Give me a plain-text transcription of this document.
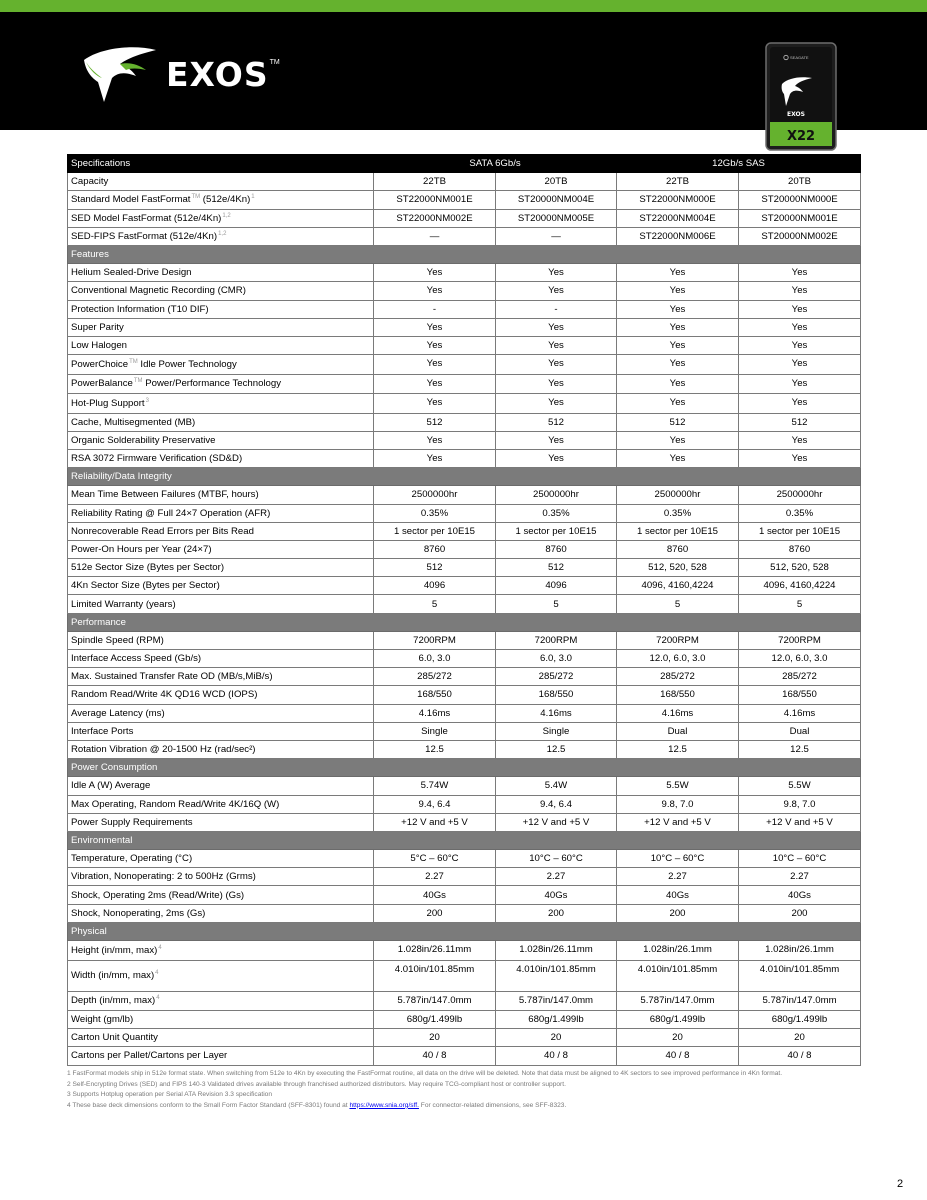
EXOS TM
SEAGATE
EXOS
X22
Specifications	SATA 6Gb/s		12Gb/s SAS	
Capacity	22TB	20TB	22TB	20TB
Standard Model FastFormat™ (512e/4Kn)$^1$	ST22000NM001E	ST20000NM004E	ST22000NM000E	ST20000NM000E
SED Model FastFormat (512e/4Kn)$^{1,2}$	ST22000NM002E	ST20000NM005E	ST22000NM004E	ST20000NM001E
SED-FIPS FastFormat (512e/4Kn)$^{1,2}$	—	—	ST22000NM006E	ST20000NM002E
Features				
Helium Sealed-Drive Design	Yes	Yes	Yes	Yes
Conventional Magnetic Recording (CMR)	Yes	Yes	Yes	Yes
Protection Information (T10 DIF)	-	-	Yes	Yes
Super Parity	Yes	Yes	Yes	Yes
Low Halogen	Yes	Yes	Yes	Yes
PowerChoice™ Idle Power Technology	Yes	Yes	Yes	Yes
PowerBalance™ Power/Performance Technology	Yes	Yes	Yes	Yes
Hot-Plug Support$^3$	Yes	Yes	Yes	Yes
Cache, Multisegmented (MB)	512	512	512	512
Organic Solderability Preservative	Yes	Yes	Yes	Yes
RSA 3072 Firmware Verification (SD&D)	Yes	Yes	Yes	Yes
Reliability/Data Integrity				
Mean Time Between Failures (MTBF, hours)	2500000hr	2500000hr	2500000hr	2500000hr
Reliability Rating @ Full 24×7 Operation (AFR)	0.35%	0.35%	0.35%	0.35%
Nonrecoverable Read Errors per Bits Read	1 sector per 10E15	1 sector per 10E15	1 sector per 10E15	1 sector per 10E15
Power-On Hours per Year (24×7)	8760	8760	8760	8760
512e Sector Size (Bytes per Sector)	512	512	512, 520, 528	512, 520, 528
4Kn Sector Size (Bytes per Sector)	4096	4096	4096, 4160,4224	4096, 4160,4224
Limited Warranty (years)	5	5	5	5
Performance				
Spindle Speed (RPM)	7200RPM	7200RPM	7200RPM	7200RPM
Interface Access Speed (Gb/s)	6.0, 3.0	6.0, 3.0	12.0, 6.0, 3.0	12.0, 6.0, 3.0
Max. Sustained Transfer Rate OD (MB/s,MiB/s)	285/272	285/272	285/272	285/272
Random Read/Write 4K QD16 WCD (IOPS)	168/550	168/550	168/550	168/550
Average Latency (ms)	4.16ms	4.16ms	4.16ms	4.16ms
Interface Ports	Single	Single	Dual	Dual
Rotation Vibration @ 20-1500 Hz (rad/sec²)	12.5	12.5	12.5	12.5
Power Consumption				
Idle A (W) Average	5.74W	5.4W	5.5W	5.5W
Max Operating, Random Read/Write 4K/16Q (W)	9.4, 6.4	9.4, 6.4	9.8, 7.0	9.8, 7.0
Power Supply Requirements	+12 V and +5 V	+12 V and +5 V	+12 V and +5 V	+12 V and +5 V
Environmental				
Temperature, Operating (°C)	5°C – 60°C	10°C – 60°C	10°C – 60°C	10°C – 60°C
Vibration, Nonoperating: 2 to 500Hz (Grms)	2.27	2.27	2.27	2.27
Shock, Operating 2ms (Read/Write) (Gs)	40Gs	40Gs	40Gs	40Gs
Shock, Nonoperating, 2ms (Gs)	200	200	200	200
Physical				
Height (in/mm, max)$^4$	1.028in/26.11mm	1.028in/26.11mm	1.028in/26.1mm	1.028in/26.1mm
Width (in/mm, max)$^4$	4.010in/101.85mm	4.010in/101.85mm	4.010in/101.85mm	4.010in/101.85mm
Depth (in/mm, max)$^4$	5.787in/147.0mm	5.787in/147.0mm	5.787in/147.0mm	5.787in/147.0mm
Weight (gm/lb)	680g/1.499lb	680g/1.499lb	680g/1.499lb	680g/1.499lb
Carton Unit Quantity	20	20	20	20
Cartons per Pallet/Cartons per Layer	40 / 8	40 / 8	40 / 8	40 / 8
1 FastFormat models ship in 512e format state. When switching from 512e to 4Kn by executing the FastFormat routine, all data on the drive will be deleted. Note that data must be aligned to 4K sectors to see improved performance in 4Kn format.
2 Self-Encrypting Drives (SED) and FIPS 140-3 Validated drives available through franchised authorized distributors. May require TCG-compliant host or controller support.
3 Supports Hotplug operation per Serial ATA Revision 3.3 specification
4 These base deck dimensions conform to the Small Form Factor Standard (SFF-8301) found at https://www.snia.org/sff. For connector-related dimensions, see SFF-8323.
2
